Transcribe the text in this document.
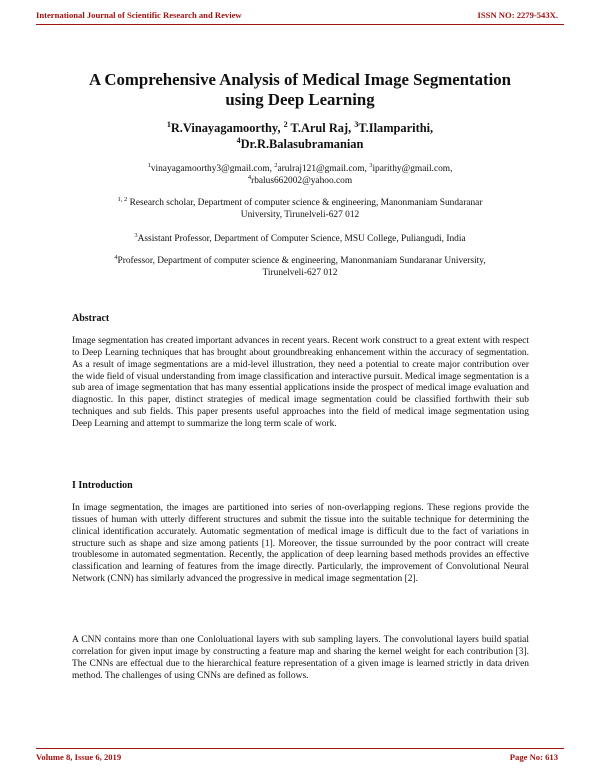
International Journal of Scientific Research and Review	ISSN NO: 2279-543X.
A Comprehensive Analysis of Medical Image Segmentation
using Deep Learning
$^1$R.Vinayagamoorthy, $^2$ T.Arul Raj, $^3$T.Ilamparithi,
$^4$Dr.R.Balasubramanian
$^1$vinayagamoorthy3@gmail.com, $^2$arulraj121@gmail.com, $^3$iparithy@gmail.com,
$^4$rbalus662002@yahoo.com
$^{1, 2}$ Research scholar, Department of computer science & engineering, Manonmaniam Sundaranar
University, Tirunelveli-627 012
$^3$Assistant Professor, Department of Computer Science, MSU College, Puliangudi, India
$^4$Professor, Department of computer science & engineering, Manonmaniam Sundaranar University,
Tirunelveli-627 012
Abstract
Image segmentation has created important advances in recent years. Recent work construct to a great extent with respect to Deep Learning techniques that has brought about groundbreaking enhancement within the accuracy of segmentation. As a result of image segmentations are a mid-level illustration, they need a potential to create major contribution over the wide field of visual understanding from image classification and interactive pursuit. Medical image segmentation is a sub area of image segmentation that has many essential applications inside the prospect of medical image evaluation and diagnostic. In this paper, distinct strategies of medical image segmentation could be classified forthwith their sub techniques and sub fields. This paper presents useful approaches into the field of medical image segmentation using Deep Learning and attempt to summarize the long term scale of work.
I Introduction
In image segmentation, the images are partitioned into series of non-overlapping regions. These regions provide the tissues of human with utterly different structures and submit the tissue into the suitable technique for determining the clinical identification accurately. Automatic segmentation of medical image is difficult due to the fact of variations in structure such as shape and size among patients [1]. Moreover, the tissue surrounded by the poor contract will create troublesome in automated segmentation. Recently, the application of deep learning based methods provides an effective classification and learning of features from the image directly. Particularly, the improvement of Convolutional Neural Network (CNN) has similarly advanced the progressive in medical image segmentation [2].
A CNN contains more than one Conloluational layers with sub sampling layers. The convolutional layers build spatial correlation for given input image by constructing a feature map and sharing the kernel weight for each contribution [3]. The CNNs are effectual due to the hierarchical feature representation of a given image is learned strictly in data driven method. The challenges of using CNNs are defined as follows.
Volume 8, Issue 6, 2019	Page No: 613
